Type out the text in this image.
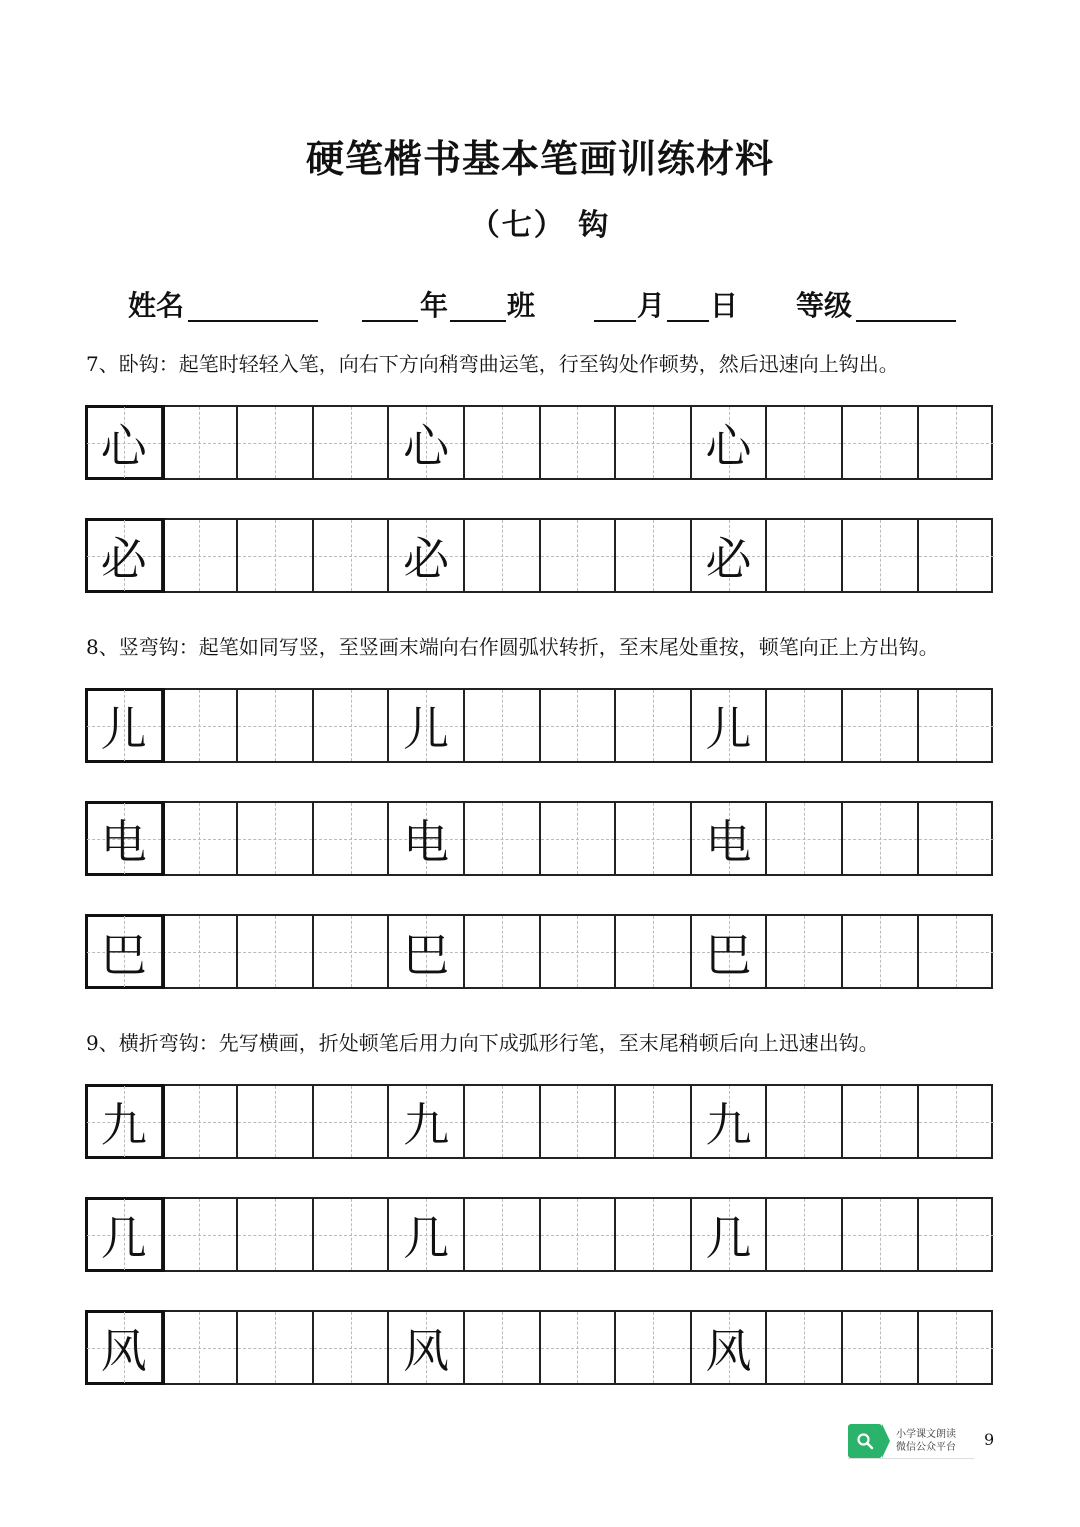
硬笔楷书基本笔画训练材料
（七） 钩
姓名	年 班	月 日 等级
7、卧钩：起笔时轻轻入笔，向右下方向稍弯曲运笔，行至钩处作顿势，然后迅速向上钩出。
心	心	心
必	必	必
8、竖弯钩：起笔如同写竖，至竖画末端向右作圆弧状转折，至末尾处重按，顿笔向正上方出钩。
儿	儿	儿
电	电	电
巴	巴	巴
9、横折弯钩：先写横画，折处顿笔后用力向下成弧形行笔，至末尾稍顿后向上迅速出钩。
九	九	九
几	几	几
风	风	风
小学课文朗读
微信公众平台 9
